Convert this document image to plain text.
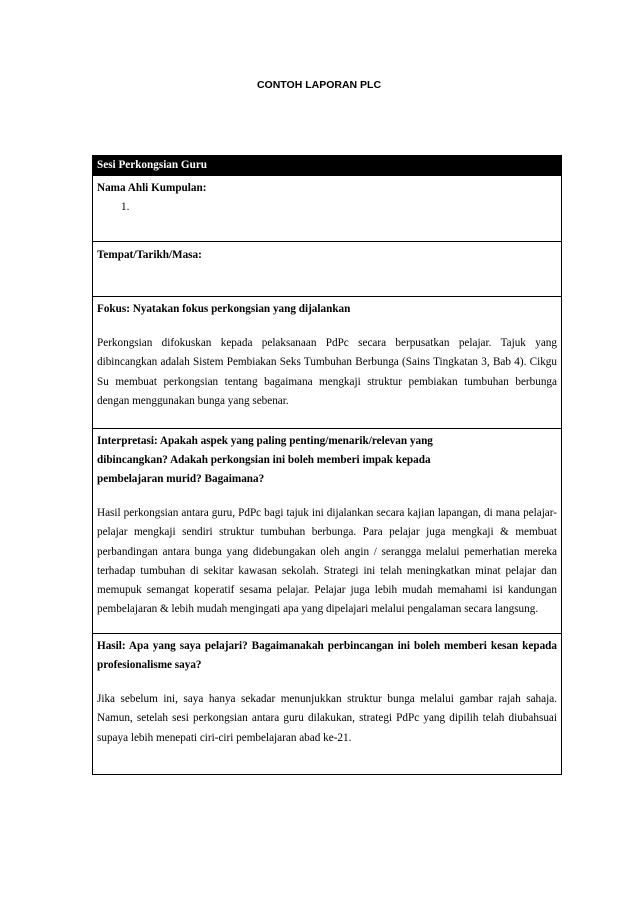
CONTOH LAPORAN PLC
Sesi Perkongsian Guru
Nama Ahli Kumpulan:
1.
Tempat/Tarikh/Masa:
Fokus: Nyatakan fokus perkongsian yang dijalankan
Perkongsian difokuskan kepada pelaksanaan PdPc secara berpusatkan pelajar. Tajuk yang dibincangkan adalah Sistem Pembiakan Seks Tumbuhan Berbunga (Sains Tingkatan 3, Bab 4). Cikgu Su membuat perkongsian tentang bagaimana mengkaji struktur pembiakan tumbuhan berbunga dengan menggunakan bunga yang sebenar.
Interpretasi: Apakah aspek yang paling penting/menarik/relevan yang dibincangkan? Adakah perkongsian ini boleh memberi impak kepada pembelajaran murid? Bagaimana?
Hasil perkongsian antara guru, PdPc bagi tajuk ini dijalankan secara kajian lapangan, di mana pelajar-pelajar mengkaji sendiri struktur tumbuhan berbunga. Para pelajar juga mengkaji & membuat perbandingan antara bunga yang didebungakan oleh angin / serangga melalui pemerhatian mereka terhadap tumbuhan di sekitar kawasan sekolah. Strategi ini telah meningkatkan minat pelajar dan memupuk semangat koperatif sesama pelajar. Pelajar juga lebih mudah memahami isi kandungan pembelajaran & lebih mudah mengingati apa yang dipelajari melalui pengalaman secara langsung.
Hasil: Apa yang saya pelajari? Bagaimanakah perbincangan ini boleh memberi kesan kepada profesionalisme saya?
Jika sebelum ini, saya hanya sekadar menunjukkan struktur bunga melalui gambar rajah sahaja. Namun, setelah sesi perkongsian antara guru dilakukan, strategi PdPc yang dipilih telah diubahsuai supaya lebih menepati ciri-ciri pembelajaran abad ke-21.
